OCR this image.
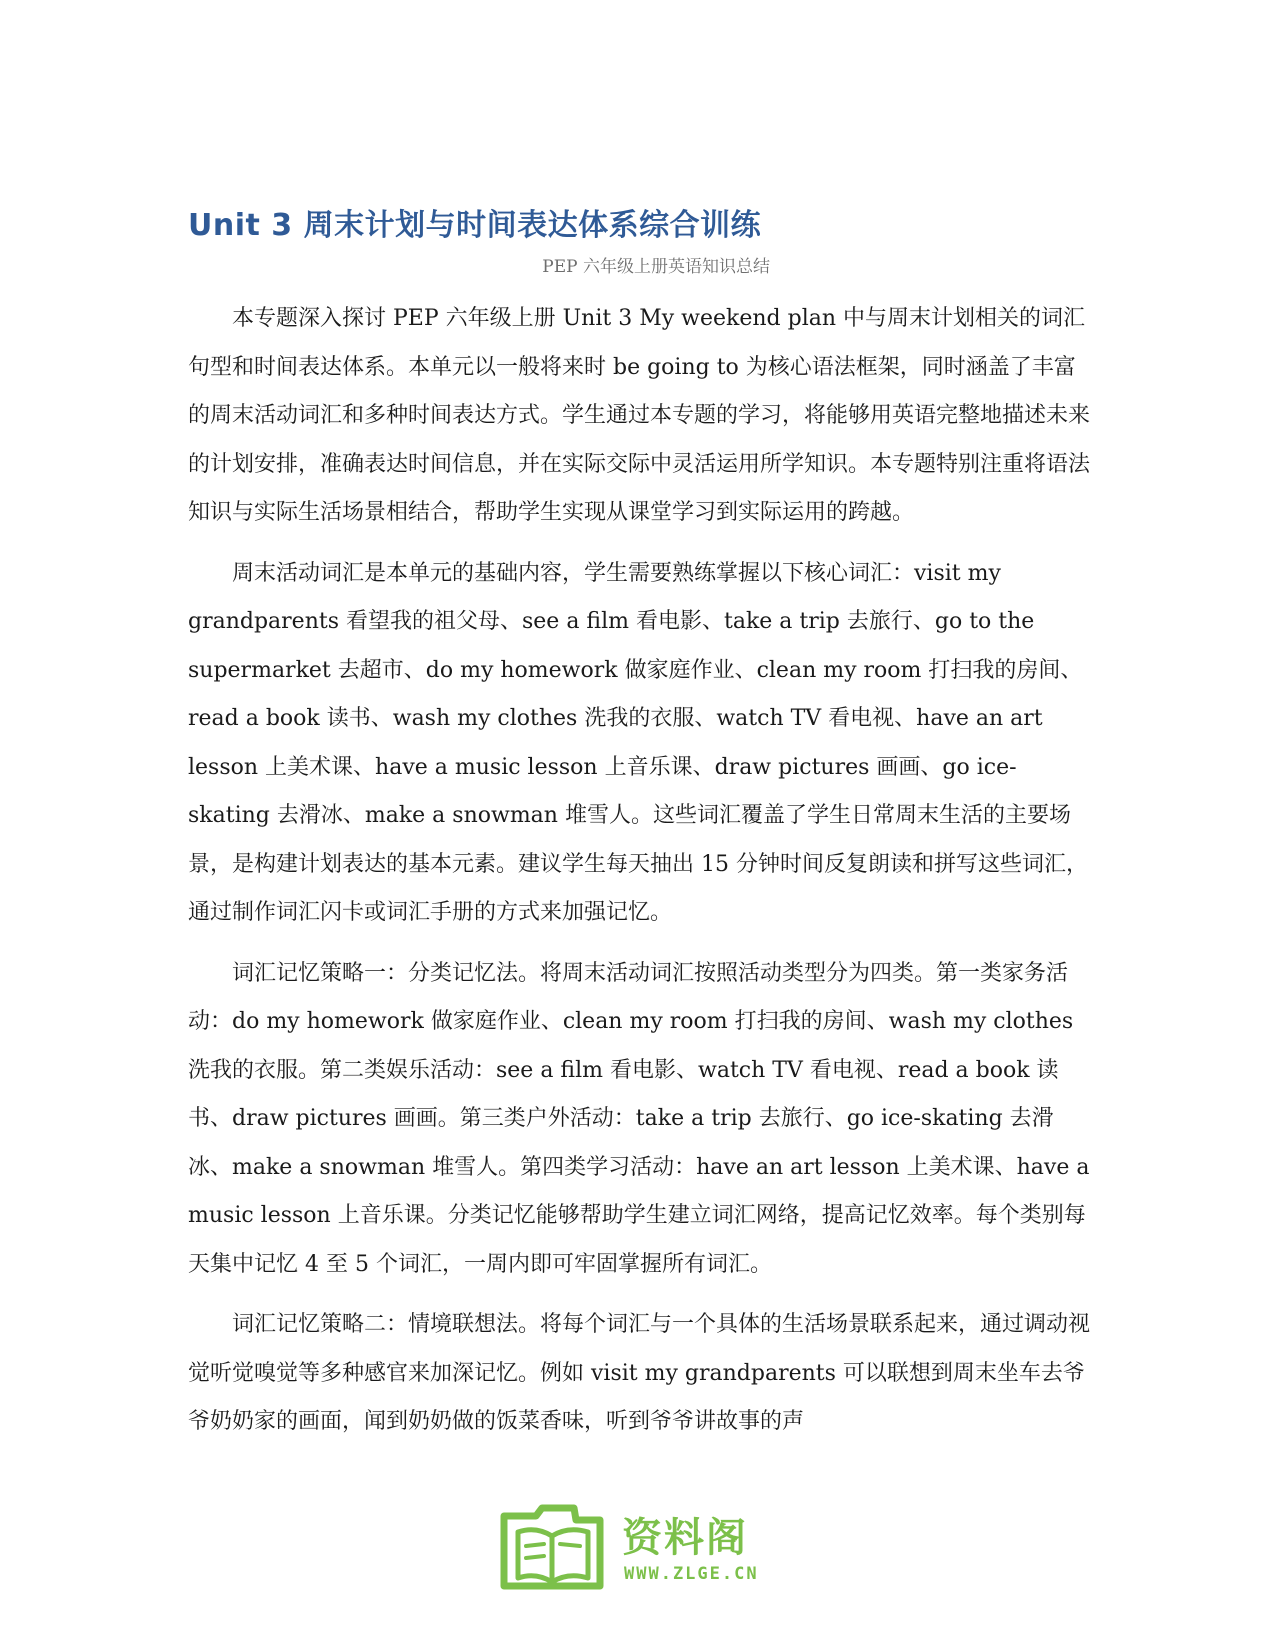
Unit 3 周末计划与时间表达体系综合训练
PEP 六年级上册英语知识总结

本专题深入探讨 PEP 六年级上册 Unit 3 My weekend plan 中与周末计划相关的词汇句型和时间表达体系。本单元以一般将来时 be going to 为核心语法框架，同时涵盖了丰富的周末活动词汇和多种时间表达方式。学生通过本专题的学习，将能够用英语完整地描述未来的计划安排，准确表达时间信息，并在实际交际中灵活运用所学知识。本专题特别注重将语法知识与实际生活场景相结合，帮助学生实现从课堂学习到实际运用的跨越。

周末活动词汇是本单元的基础内容，学生需要熟练掌握以下核心词汇：visit my grandparents 看望我的祖父母、see a film 看电影、take a trip 去旅行、go to the supermarket 去超市、do my homework 做家庭作业、clean my room 打扫我的房间、read a book 读书、wash my clothes 洗我的衣服、watch TV 看电视、have an art lesson 上美术课、have a music lesson 上音乐课、draw pictures 画画、go ice-skating 去滑冰、make a snowman 堆雪人。这些词汇覆盖了学生日常周末生活的主要场景，是构建计划表达的基本元素。建议学生每天抽出 15 分钟时间反复朗读和拼写这些词汇，通过制作词汇闪卡或词汇手册的方式来加强记忆。

词汇记忆策略一：分类记忆法。将周末活动词汇按照活动类型分为四类。第一类家务活动：do my homework 做家庭作业、clean my room 打扫我的房间、wash my clothes 洗我的衣服。第二类娱乐活动：see a film 看电影、watch TV 看电视、read a book 读书、draw pictures 画画。第三类户外活动：take a trip 去旅行、go ice-skating 去滑冰、make a snowman 堆雪人。第四类学习活动：have an art lesson 上美术课、have a music lesson 上音乐课。分类记忆能够帮助学生建立词汇网络，提高记忆效率。每个类别每天集中记忆 4 至 5 个词汇，一周内即可牢固掌握所有词汇。

词汇记忆策略二：情境联想法。将每个词汇与一个具体的生活场景联系起来，通过调动视觉听觉嗅觉等多种感官来加深记忆。例如 visit my grandparents 可以联想到周末坐车去爷爷奶奶家的画面，闻到奶奶做的饭菜香味，听到爷爷讲故事的声

资料阁
WWW.ZLGE.CN
